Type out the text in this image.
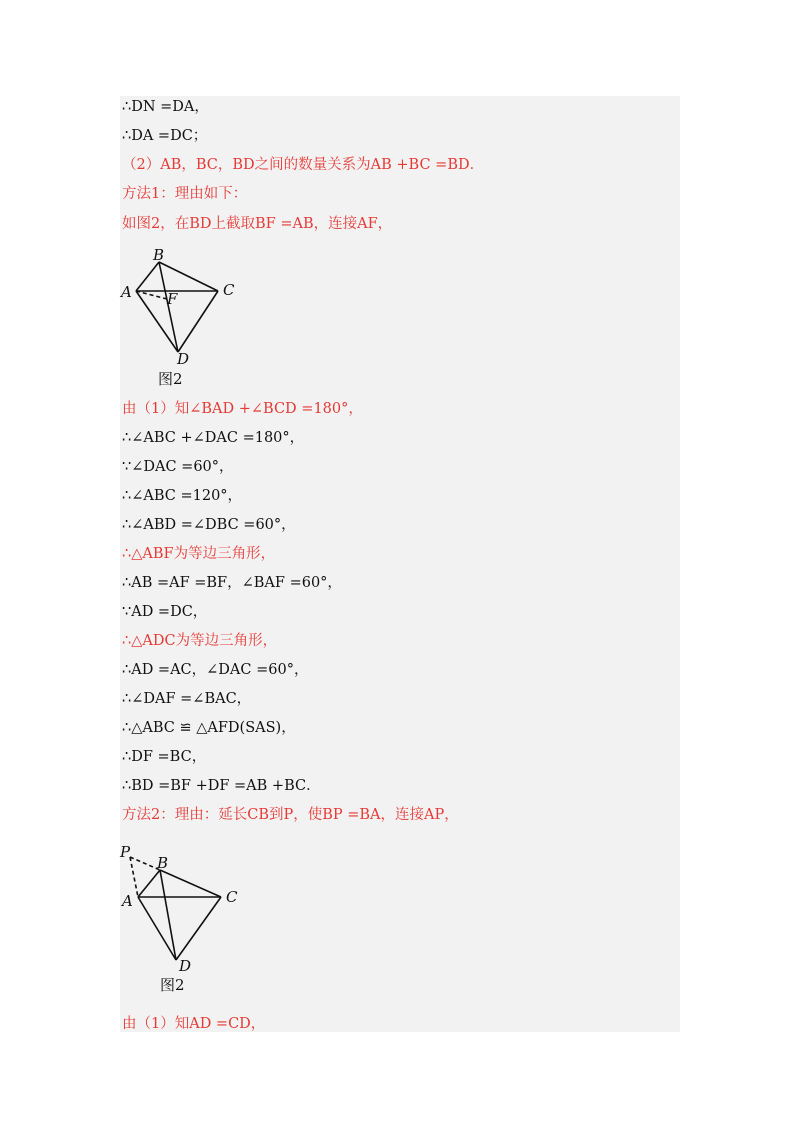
∴DN =DA，
∴DA =DC；
（2）AB，BC，BD之间的数量关系为AB +BC =BD．
方法1：理由如下：
如图2，在BD上截取BF =AB，连接AF，
A
B
C
F
D
图2
由（1）知∠BAD +∠BCD =180°，
∴∠ABC +∠DAC =180°，
∵∠DAC =60°，
∴∠ABC =120°，
∴∠ABD =∠DBC =60°，
∴△ABF为等边三角形，
∴AB =AF =BF，∠BAF =60°，
∵AD =DC，
∴△ADC为等边三角形，
∴AD =AC，∠DAC =60°，
∴∠DAF =∠BAC，
∴△ABC ≌ △AFD(SAS)，
∴DF =BC，
∴BD =BF +DF =AB +BC．
方法2：理由：延长CB到P，使BP =BA，连接AP，
P
B
A	C
D
图2
由（1）知AD =CD，
